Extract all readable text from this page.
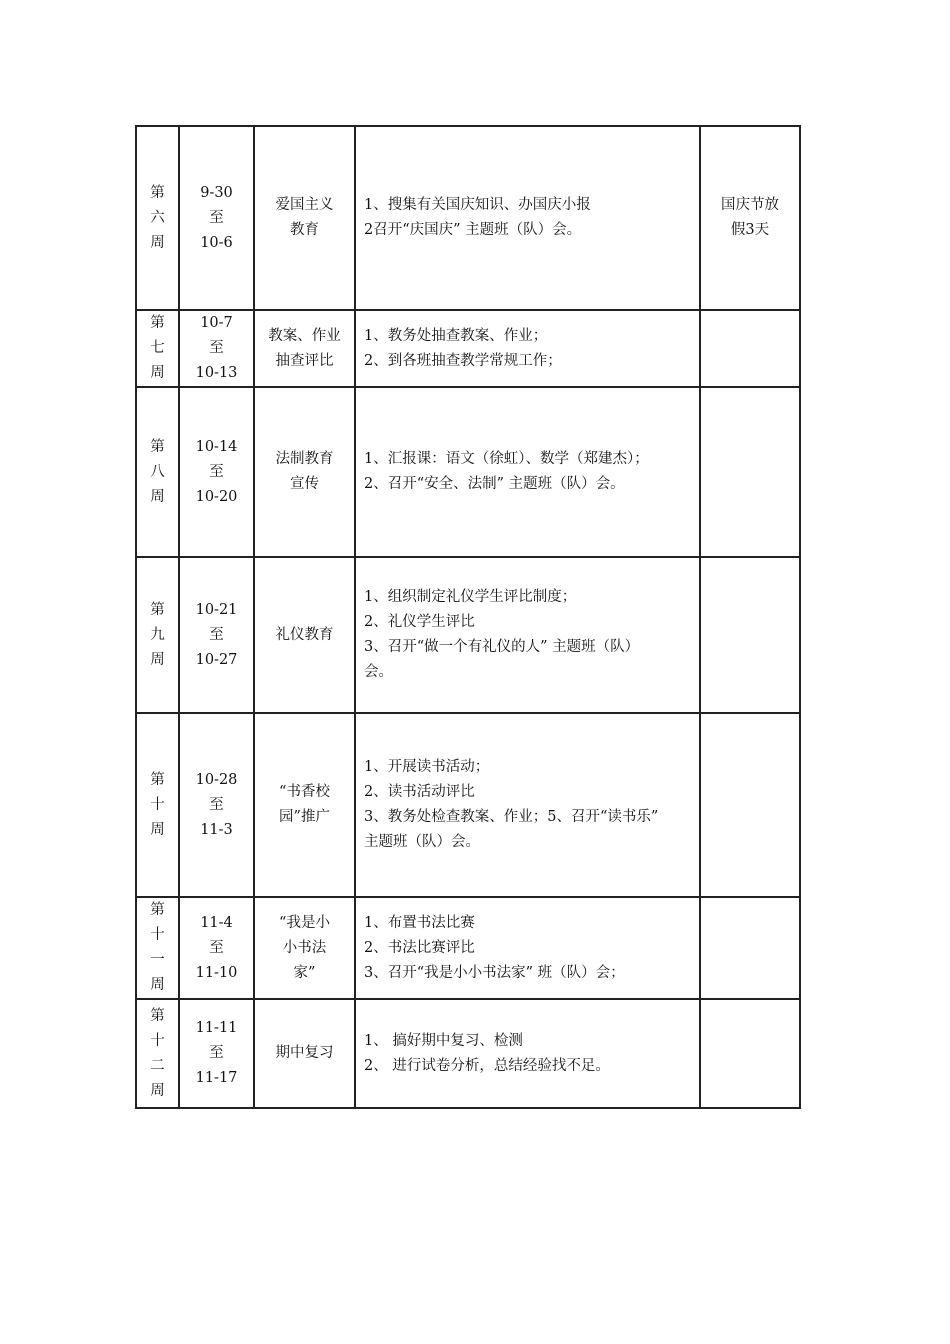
第
六
周	9-30
至
10-6	爱国主义
教育	1、搜集有关国庆知识、办国庆小报
2召开“庆国庆” 主题班（队）会。	国庆节放
假3天

第
七
周	10-7
至
10-13	教案、作业
抽查评比	1、教务处抽查教案、作业；
2、到各班抽查教学常规工作；	

第
八
周	10-14
至
10-20	法制教育
宣传	1、汇报课：语文（徐虹）、数学（郑建杰）；
2、召开“安全、法制” 主题班（队）会。	

第
九
周	10-21
至
10-27	礼仪教育	1、组织制定礼仪学生评比制度；
2、礼仪学生评比
3、召开“做一个有礼仪的人” 主题班（队）
会。	

第
十
周	10-28
至
11-3	“书香校
园”推广	1、开展读书活动；
2、读书活动评比
3、教务处检查教案、作业；5、召开“读书乐”
主题班（队）会。	

第
十
一
周	11-4
至
11-10	“我是小
小书法
家”	1、布置书法比赛
2、书法比赛评比
3、召开“我是小小书法家” 班（队）会；	

第
十
二
周	11-11
至
11-17	期中复习	1、 搞好期中复习、检测
2、 进行试卷分析，总结经验找不足。	
